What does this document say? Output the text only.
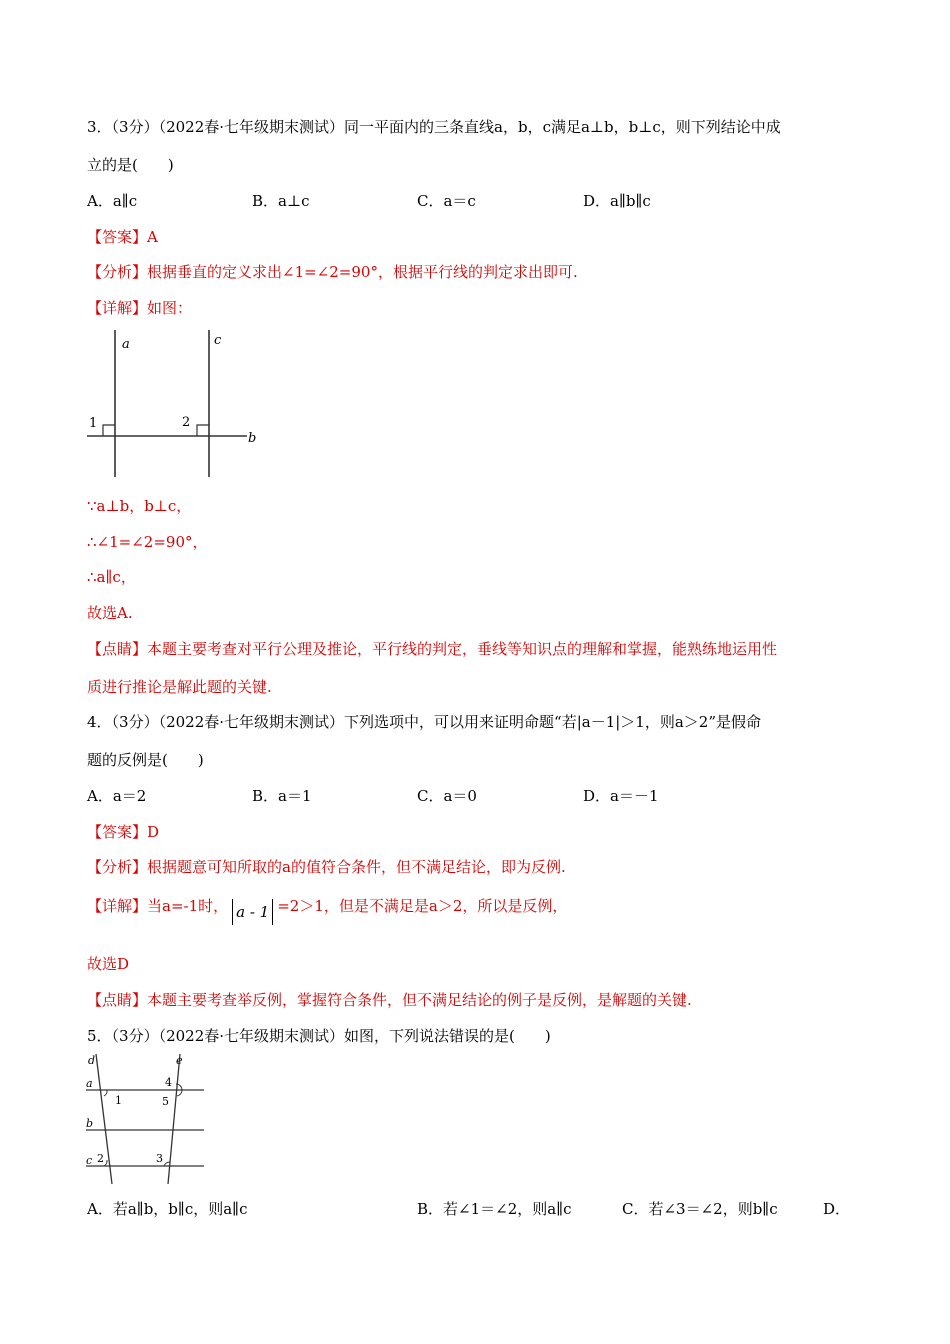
3．（3分）（2022春·七年级期末测试）同一平面内的三条直线a，b，c满足a⊥b，b⊥c，则下列结论中成
立的是(　　)
A．a∥c	B．a⊥c	C．a＝c	D．a∥b∥c
【答案】A
【分析】根据垂直的定义求出∠1=∠2=90°，根据平行线的判定求出即可.
【详解】如图：
a	c
b
1	2
∵a⊥b，b⊥c，
∴∠1=∠2=90°，
∴a∥c，
故选A.
【点睛】本题主要考查对平行公理及推论，平行线的判定，垂线等知识点的理解和掌握，能熟练地运用性
质进行推论是解此题的关键.
4．（3分）（2022春·七年级期末测试）下列选项中，可以用来证明命题“若|a－1|＞1，则a＞2”是假命
题的反例是(　　)
A．a＝2	B．a＝1	C．a＝0	D．a＝－1
【答案】D
【分析】根据题意可知所取的a的值符合条件，但不满足结论，即为反例.
【详解】当a=-1时， a - 1 =2＞1，但是不满足是a＞2，所以是反例，
故选D
【点睛】本题主要考查举反例，掌握符合条件，但不满足结论的例子是反例，是解题的关键.
5．（3分）（2022春·七年级期末测试）如图，下列说法错误的是(　　)
d	e
a
b
c
1
2	3
4
5
A．若a∥b，b∥c，则a∥c	B．若∠1＝∠2，则a∥c	C．若∠3＝∠2，则b∥c	D．
